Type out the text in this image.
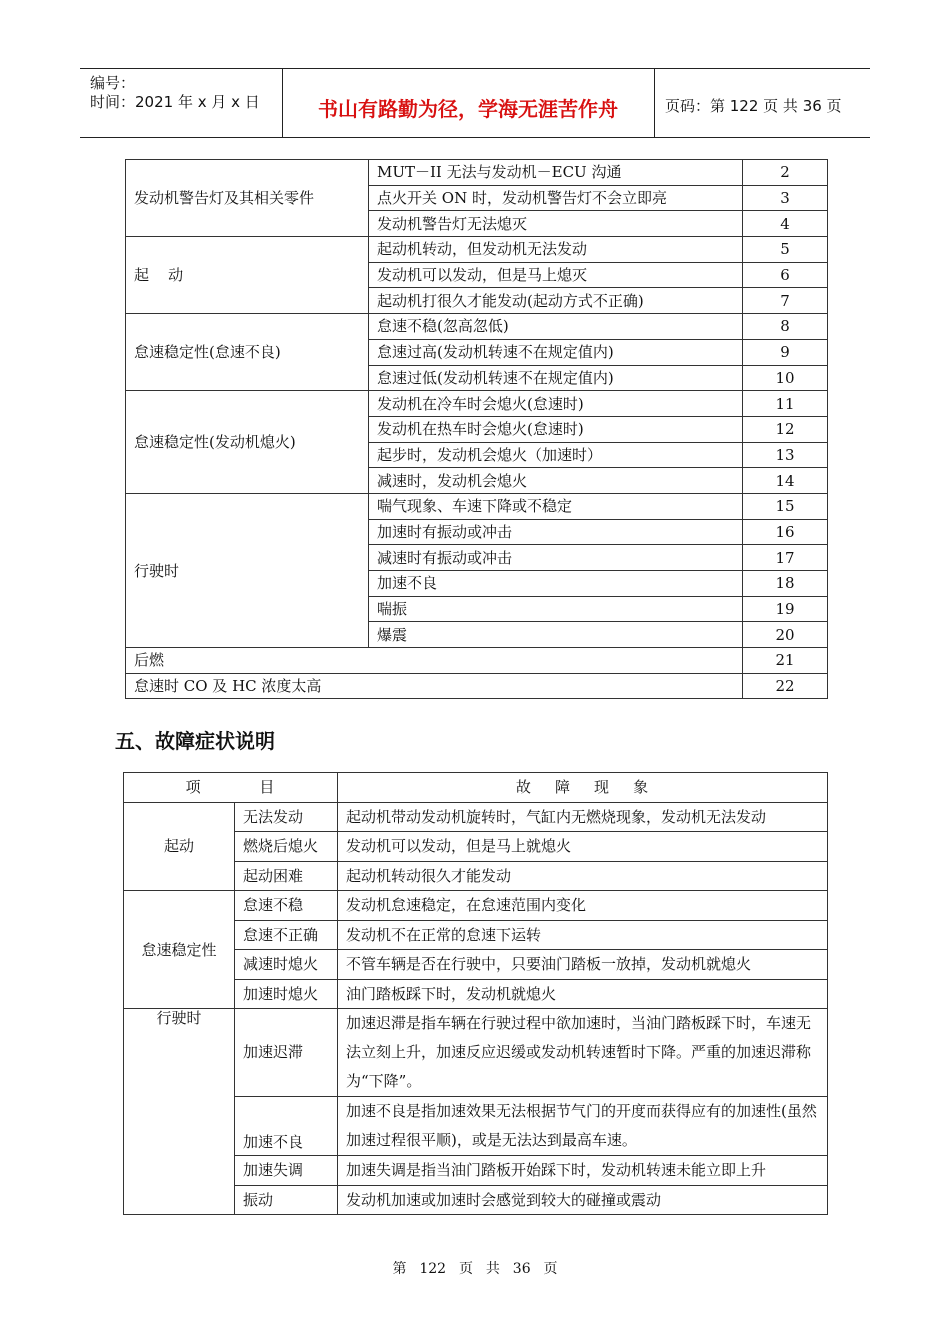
编号：
时间：2021 年 x 月 x 日	书山有路勤为径，学海无涯苦作舟	页码：第 122 页 共 36 页
发动机警告灯及其相关零件	MUT－II 无法与发动机－ECU 沟通	2
	点火开关 ON 时，发动机警告灯不会立即亮	3
	发动机警告灯无法熄灭	4
起    动	起动机转动，但发动机无法发动	5
	发动机可以发动，但是马上熄灭	6
	起动机打很久才能发动(起动方式不正确)	7
怠速稳定性(怠速不良)	怠速不稳(忽高忽低)	8
	怠速过高(发动机转速不在规定值内)	9
	怠速过低(发动机转速不在规定值内)	10
怠速稳定性(发动机熄火)	发动机在冷车时会熄火(怠速时)	11
	发动机在热车时会熄火(怠速时)	12
	起步时，发动机会熄火（加速时）	13
	减速时，发动机会熄火	14
行驶时	喘气现象、车速下降或不稳定	15
	加速时有振动或冲击	16
	减速时有振动或冲击	17
	加速不良	18
	喘振	19
	爆震	20
后燃		21
怠速时 CO 及 HC 浓度太高		22
五、故障症状说明
项          目		故    障    现    象
起动	无法发动	起动机带动发动机旋转时，气缸内无燃烧现象，发动机无法发动
	燃烧后熄火	发动机可以发动，但是马上就熄火
	起动困难	起动机转动很久才能发动
怠速稳定性	怠速不稳	发动机怠速稳定，在怠速范围内变化
	怠速不正确	发动机不在正常的怠速下运转
	减速时熄火	不管车辆是否在行驶中，只要油门踏板一放掉，发动机就熄火
	加速时熄火	油门踏板踩下时，发动机就熄火
行驶时	加速迟滞	加速迟滞是指车辆在行驶过程中欲加速时，当油门踏板踩下时，车速无法立刻上升，加速反应迟缓或发动机转速暂时下降。严重的加速迟滞称为“下降”。
	加速不良	加速不良是指加速效果无法根据节气门的开度而获得应有的加速性(虽然加速过程很平顺)，或是无法达到最高车速。
	加速失调	加速失调是指当油门踏板开始踩下时，发动机转速未能立即上升
	振动	发动机加速或加速时会感觉到较大的碰撞或震动
第  122  页  共  36  页
